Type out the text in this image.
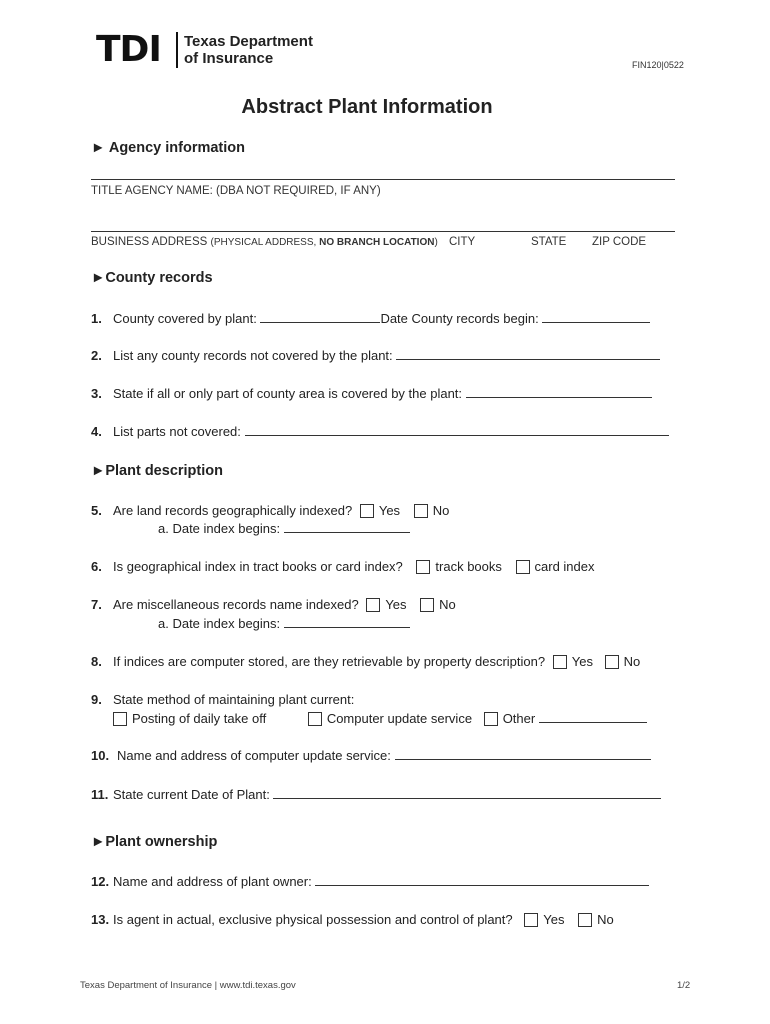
TDI Texas Department
of Insurance	FIN120|0522
Abstract Plant Information
► Agency information
TITLE AGENCY NAME: (DBA NOT REQUIRED, IF ANY)
BUSINESS ADDRESS (PHYSICAL ADDRESS, NO BRANCH LOCATION) CITY	STATE ZIP CODE
►County records
1. County covered by plant:	Date County records begin:
2. List any county records not covered by the plant:
3. State if all or only part of county area is covered by the plant:
4. List parts not covered:
►Plant description
5. Are land records geographically indexed? Yes	No
a. Date index begins:
6. Is geographical index in tract books or card index?	track books	card index
7. Are miscellaneous records name indexed? Yes	No
a. Date index begins:
8. If indices are computer stored, are they retrievable by property description? Yes No
9. State method of maintaining plant current:
Posting of daily take off	Computer update service Other
10. Name and address of computer update service:
11. State current Date of Plant:
►Plant ownership
12. Name and address of plant owner:
13. Is agent in actual, exclusive physical possession and control of plant? Yes	No
Texas Department of Insurance | www.tdi.texas.gov	1/2
